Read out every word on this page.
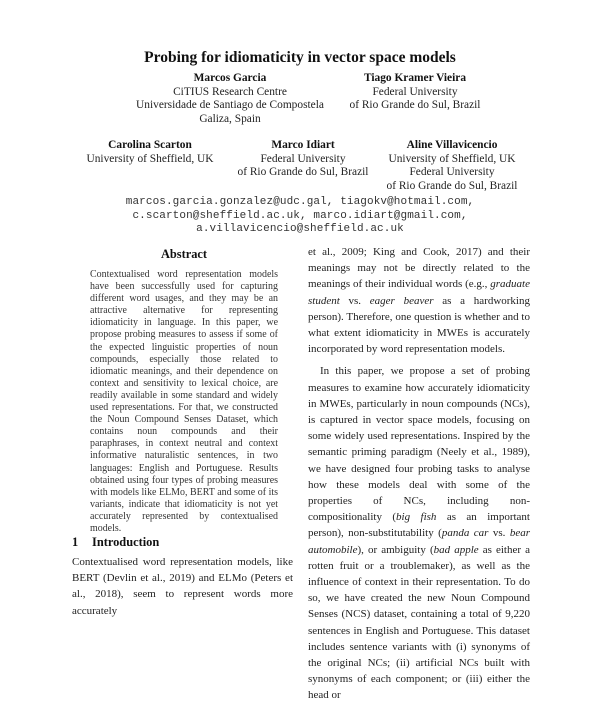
Probing for idiomaticity in vector space models
Marcos Garcia
CiTIUS Research Centre
Universidade de Santiago de Compostela
Galiza, Spain
Tiago Kramer Vieira
Federal University
of Rio Grande do Sul, Brazil
Carolina Scarton
University of Sheffield, UK
Marco Idiart
Federal University
of Rio Grande do Sul, Brazil
Aline Villavicencio
University of Sheffield, UK
Federal University
of Rio Grande do Sul, Brazil
marcos.garcia.gonzalez@udc.gal, tiagokv@hotmail.com,
c.scarton@sheffield.ac.uk, marco.idiart@gmail.com,
a.villavicencio@sheffield.ac.uk
Abstract
Contextualised word representation models have been successfully used for capturing different word usages, and they may be an attractive alternative for representing idiomaticity in language. In this paper, we propose probing measures to assess if some of the expected linguistic properties of noun compounds, especially those related to idiomatic meanings, and their dependence on context and sensitivity to lexical choice, are readily available in some standard and widely used representations. For that, we constructed the Noun Compound Senses Dataset, which contains noun compounds and their paraphrases, in context neutral and context informative naturalistic sentences, in two languages: English and Portuguese. Results obtained using four types of probing measures with models like ELMo, BERT and some of its variants, indicate that idiomaticity is not yet accurately represented by contextualised models.
1 Introduction
Contextualised word representation models, like BERT (Devlin et al., 2019) and ELMo (Peters et al., 2018), seem to represent words more accurately

et al., 2009; King and Cook, 2017) and their meanings may not be directly related to the meanings of their individual words (e.g., graduate student vs. eager beaver as a hardworking person). Therefore, one question is whether and to what extent idiomaticity in MWEs is accurately incorporated by word representation models.

In this paper, we propose a set of probing measures to examine how accurately idiomaticity in MWEs, particularly in noun compounds (NCs), is captured in vector space models, focusing on some widely used representations. Inspired by the semantic priming paradigm (Neely et al., 1989), we have designed four probing tasks to analyse how these models deal with some of the properties of NCs, including non-compositionality (big fish as an important person), non-substitutability (panda car vs. bear automobile), or ambiguity (bad apple as either a rotten fruit or a troublemaker), as well as the influence of context in their representation. To do so, we have created the new Noun Compound Senses (NCS) dataset, containing a total of 9,220 sentences in English and Portuguese. This dataset includes sentence variants with (i) synonyms of the original NCs; (ii) artificial NCs built with synonyms of each component; or (iii) either the head or
